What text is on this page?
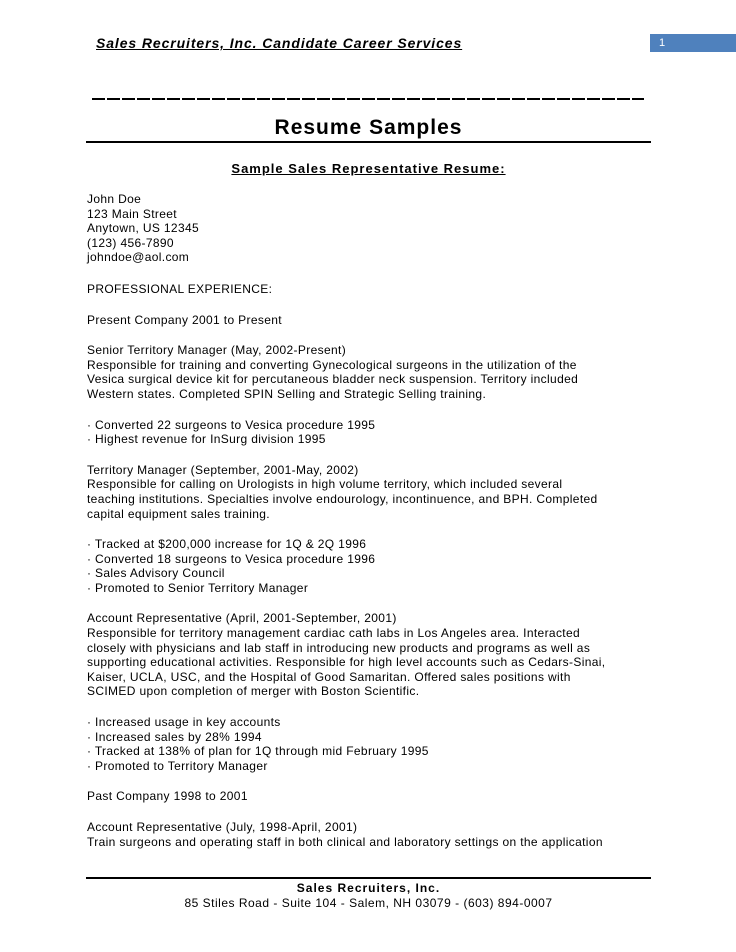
Sales Recruiters, Inc. Candidate Career Services	1
Resume Samples
Sample Sales Representative Resume:
John Doe
123 Main Street
Anytown, US 12345
(123) 456-7890
johndoe@aol.com
PROFESSIONAL EXPERIENCE:
Present Company 2001 to Present
Senior Territory Manager (May, 2002-Present)
Responsible for training and converting Gynecological surgeons in the utilization of the
Vesica surgical device kit for percutaneous bladder neck suspension. Territory included
Western states. Completed SPIN Selling and Strategic Selling training.
· Converted 22 surgeons to Vesica procedure 1995
· Highest revenue for InSurg division 1995
Territory Manager (September, 2001-May, 2002)
Responsible for calling on Urologists in high volume territory, which included several
teaching institutions. Specialties involve endourology, incontinuence, and BPH. Completed
capital equipment sales training.
· Tracked at $200,000 increase for 1Q & 2Q 1996
· Converted 18 surgeons to Vesica procedure 1996
· Sales Advisory Council
· Promoted to Senior Territory Manager
Account Representative (April, 2001-September, 2001)
Responsible for territory management cardiac cath labs in Los Angeles area. Interacted
closely with physicians and lab staff in introducing new products and programs as well as
supporting educational activities. Responsible for high level accounts such as Cedars-Sinai,
Kaiser, UCLA, USC, and the Hospital of Good Samaritan. Offered sales positions with
SCIMED upon completion of merger with Boston Scientific.
· Increased usage in key accounts
· Increased sales by 28% 1994
· Tracked at 138% of plan for 1Q through mid February 1995
· Promoted to Territory Manager
Past Company 1998 to 2001
Account Representative (July, 1998-April, 2001)
Train surgeons and operating staff in both clinical and laboratory settings on the application
Sales Recruiters, Inc.
85 Stiles Road - Suite 104 - Salem, NH 03079 - (603) 894-0007
